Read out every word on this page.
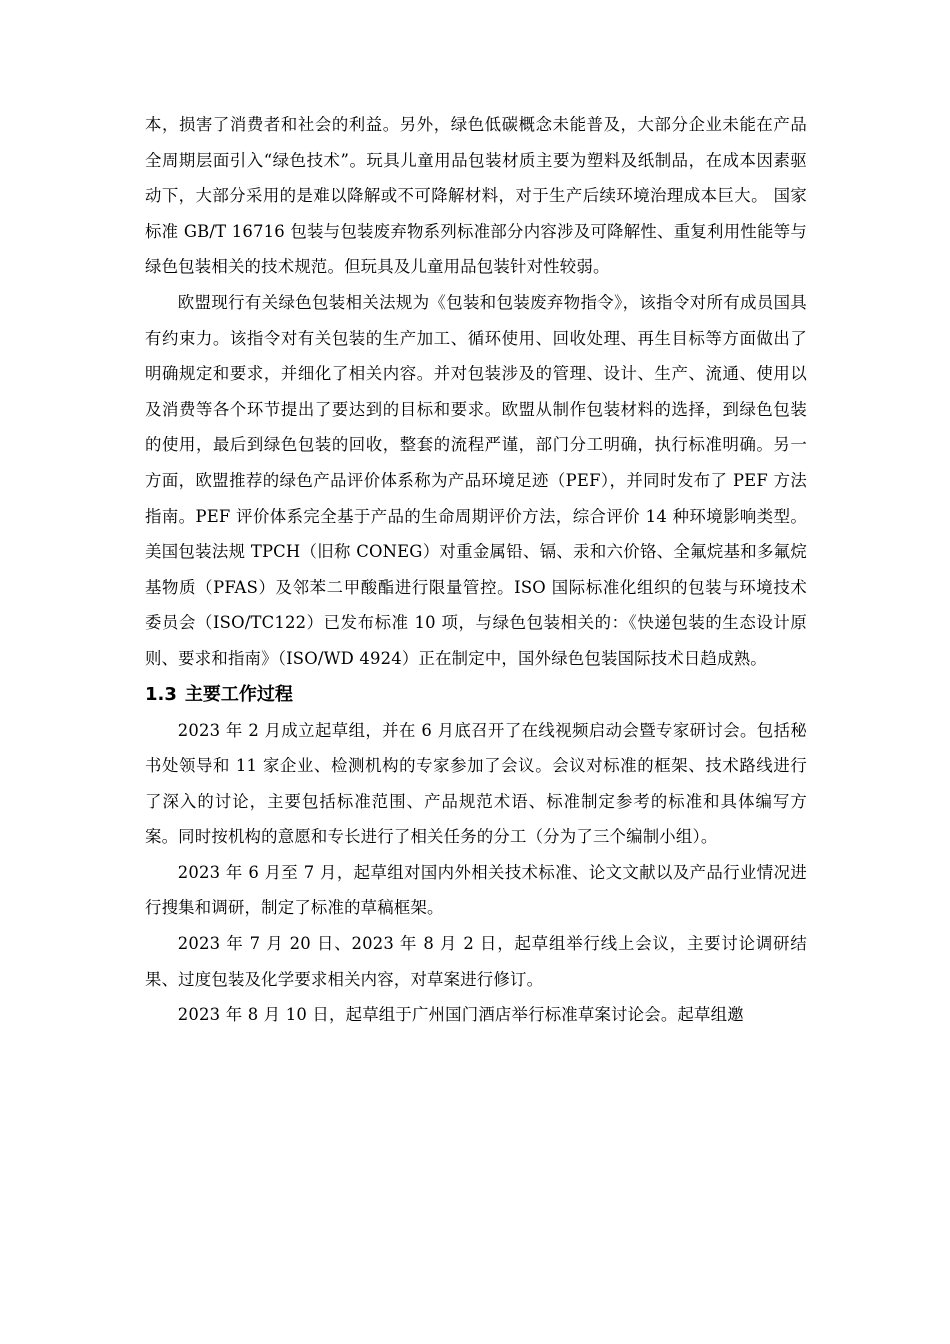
本，损害了消费者和社会的利益。另外，绿色低碳概念未能普及，大部分企业未能在产品全周期层面引入“绿色技术”。玩具儿童用品包装材质主要为塑料及纸制品，在成本因素驱动下，大部分采用的是难以降解或不可降解材料，对于生产后续环境治理成本巨大。 国家标准 GB/T 16716 包装与包装废弃物系列标准部分内容涉及可降解性、重复利用性能等与绿色包装相关的技术规范。但玩具及儿童用品包装针对性较弱。

欧盟现行有关绿色包装相关法规为《包装和包装废弃物指令》，该指令对所有成员国具有约束力。该指令对有关包装的生产加工、循环使用、回收处理、再生目标等方面做出了明确规定和要求，并细化了相关内容。并对包装涉及的管理、设计、生产、流通、使用以及消费等各个环节提出了要达到的目标和要求。欧盟从制作包装材料的选择，到绿色包装的使用，最后到绿色包装的回收，整套的流程严谨，部门分工明确，执行标准明确。另一方面，欧盟推荐的绿色产品评价体系称为产品环境足迹（PEF），并同时发布了 PEF 方法指南。PEF 评价体系完全基于产品的生命周期评价方法，综合评价 14 种环境影响类型。美国包装法规 TPCH（旧称 CONEG）对重金属铅、镉、汞和六价铬、全氟烷基和多氟烷基物质（PFAS）及邻苯二甲酸酯进行限量管控。ISO 国际标准化组织的包装与环境技术委员会（ISO/TC122）已发布标准 10 项，与绿色包装相关的：《快递包装的生态设计原则、要求和指南》（ISO/WD 4924）正在制定中，国外绿色包装国际技术日趋成熟。

1.3 主要工作过程

2023 年 2 月成立起草组，并在 6 月底召开了在线视频启动会暨专家研讨会。包括秘书处领导和 11 家企业、检测机构的专家参加了会议。会议对标准的框架、技术路线进行了深入的讨论，主要包括标准范围、产品规范术语、标准制定参考的标准和具体编写方案。同时按机构的意愿和专长进行了相关任务的分工（分为了三个编制小组）。

2023 年 6 月至 7 月，起草组对国内外相关技术标准、论文文献以及产品行业情况进行搜集和调研，制定了标准的草稿框架。

2023 年 7 月 20 日、2023 年 8 月 2 日，起草组举行线上会议，主要讨论调研结果、过度包装及化学要求相关内容，对草案进行修订。

2023 年 8 月 10 日，起草组于广州国门酒店举行标准草案讨论会。起草组邀
